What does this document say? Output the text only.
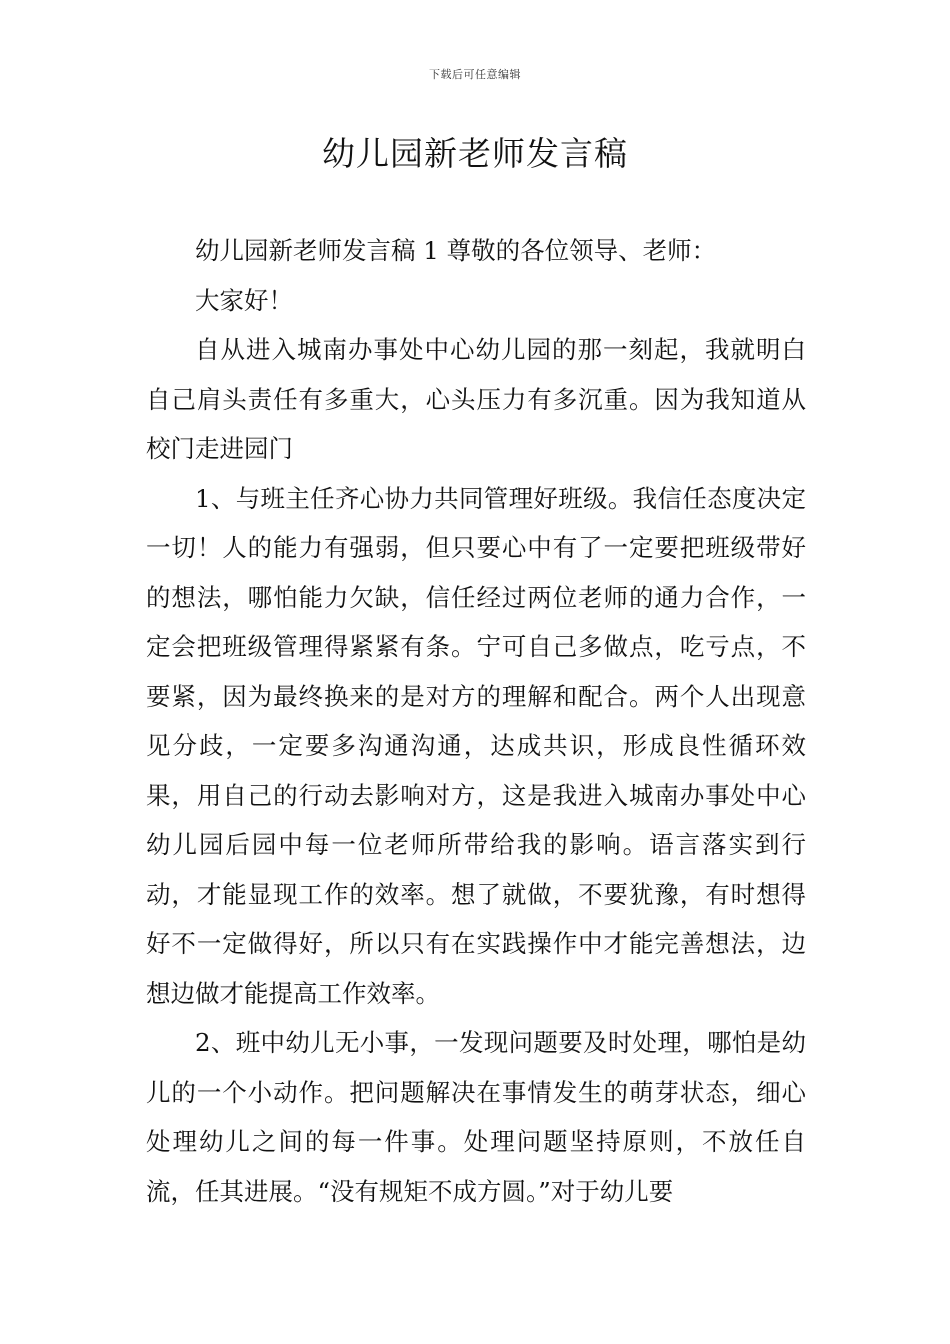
下载后可任意编辑
幼儿园新老师发言稿

幼儿园新老师发言稿 1 尊敬的各位领导、老师：

大家好！

自从进入城南办事处中心幼儿园的那一刻起，我就明白自己肩头责任有多重大，心头压力有多沉重。因为我知道从校门走进园门

1、与班主任齐心协力共同管理好班级。我信任态度决定一切！人的能力有强弱，但只要心中有了一定要把班级带好的想法，哪怕能力欠缺，信任经过两位老师的通力合作，一定会把班级管理得紧紧有条。宁可自己多做点，吃亏点，不要紧，因为最终换来的是对方的理解和配合。两个人出现意见分歧，一定要多沟通沟通，达成共识，形成良性循环效果，用自己的行动去影响对方，这是我进入城南办事处中心幼儿园后园中每一位老师所带给我的影响。语言落实到行动，才能显现工作的效率。想了就做，不要犹豫，有时想得好不一定做得好，所以只有在实践操作中才能完善想法，边想边做才能提高工作效率。

2、班中幼儿无小事，一发现问题要及时处理，哪怕是幼儿的一个小动作。把问题解决在事情发生的萌芽状态，细心处理幼儿之间的每一件事。处理问题坚持原则，不放任自流，任其进展。“没有规矩不成方圆。”对于幼儿要
